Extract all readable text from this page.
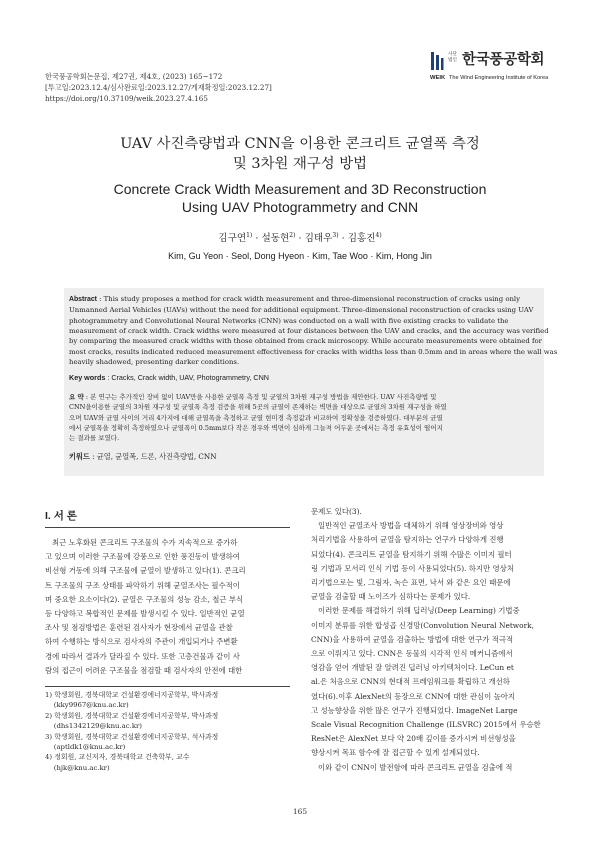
한국풍공학회논문집, 제27권, 제4호, (2023) 165~172
[투고일:2023.12.4/심사완료일:2023.12.27/게재확정일:2023.12.27]
https://doi.org/10.37109/weik.2023.27.4.165
사단 법인 한국풍공학회
WEIK The Wind Engineering Institute of Korea
UAV 사진측량법과 CNN을 이용한 콘크리트 균열폭 측정
및 3차원 재구성 방법
Concrete Crack Width Measurement and 3D Reconstruction
Using UAV Photogrammetry and CNN
김구연$^{1)}$ · 설동현$^{2)}$ · 김태우$^{3)}$ · 김홍진$^{4)}$
Kim, Gu Yeon · Seol, Dong Hyeon · Kim, Tae Woo · Kim, Hong Jin
Abstract : This study proposes a method for crack width measurement and three-dimensional reconstruction of cracks using only
Unmanned Aerial Vehicles (UAVs) without the need for additional equipment. Three-dimensional reconstruction of cracks using UAV
photogrammetry and Convolutional Neural Networks (CNN) was conducted on a wall with five existing cracks to validate the
measurement of crack width. Crack widths were measured at four distances between the UAV and cracks, and the accuracy was verified
by comparing the measured crack widths with those obtained from crack microscopy. While accurate measurements were obtained for
most cracks, results indicated reduced measurement effectiveness for cracks with widths less than 0.5mm and in areas where the wall was
heavily shadowed, presenting darker conditions.
Key words : Cracks, Crack width, UAV, Photogrammetry, CNN
요 약 : 본 연구는 추가적인 장비 없이 UAV만을 사용한 균열폭 측정 및 균열의 3차원 재구성 방법을 제안한다. UAV 사진측량법 및
CNN을이용한 균열의 3차원 재구성 및 균열폭 측정 검증을 위해 5곳의 균열이 존재하는 벽면을 대상으로 균열의 3차원 재구성을 하였
으며 UAV와 균열 사이의 거리 4가지에 대해 균열폭을 측정하고 균열 현미경 측정값과 비교하여 정확성을 검증하였다. 대부분의 균열
에서 균열폭을 정확히 측정하였으나 균열폭이 0.5mm보다 작은 경우와 벽면이 심하게 그늘져 어두운 곳에서는 측정 유효성이 떨어지
는 결과를 보였다.
키워드 : 균열, 균열폭, 드론, 사진측량법, CNN
I. 서 론
최근 노후화된 콘크리트 구조물의 수가 지속적으로 증가하
고 있으며 이러한 구조물에 강풍으로 인한 풍진동이 발생하여
비선형 거동에 의해 구조물에 균열이 발생하고 있다(1). 콘크리
트 구조물의 구조 상태를 파악하기 위해 균열조사는 필수적이
며 중요한 요소이다(2). 균열은 구조물의 성능 감소, 철근 부식
등 다양하고 복합적인 문제를 발생시킬 수 있다. 일반적인 균열
조사 및 점검방법은 훈련된 검사자가 현장에서 균열을 관찰
하여 수행하는 방식으로 검사자의 주관이 개입되거나 주변환
경에 따라서 결과가 달라질 수 있다. 또한 고층건물과 같이 사
람의 접근이 어려운 구조물을 점검할 때 검사자의 안전에 대한
1) 학생회원, 경북대학교 건설환경에너지공학부, 박사과정
(kky9967@knu.ac.kr)
2) 학생회원, 경북대학교 건설환경에너지공학부, 박사과정
(dhs1342129@knu.ac.kr)
3) 학생회원, 경북대학교 건설환경에너지공학부, 석사과정
(aptldk1@knu.ac.kr)
4) 정회원, 교신저자, 경북대학교 건축학부, 교수
(hjk@knu.ac.kr)
문제도 있다(3).
일반적인 균열조사 방법을 대체하기 위해 영상장비와 영상
처리기법을 사용하여 균열을 탐지하는 연구가 다양하게 진행
되었다(4). 콘크리트 균열을 탐지하기 위해 수많은 이미지 필터
링 기법과 모서리 인식 기법 등이 사용되었다(5). 하지만 영상처
리기법으로는 빛, 그림자, 녹슨 표면, 낙서 와 같은 요인 때문에
균열을 검출할 때 노이즈가 심하다는 문제가 있다.
이러한 문제를 해결하기 위해 딥러닝(Deep Learning) 기법중
이미지 분류를 위한 합성곱 신경망(Convolution Neural Network,
CNN)을 사용하여 균열을 검출하는 방법에 대한 연구가 적극적
으로 이뤄지고 있다. CNN은 동물의 시각적 인식 메커니즘에서
영감을 얻어 개발된 잘 알려진 딥러닝 아키텍처이다. LeCun et
al.은 처음으로 CNN의 현대적 프레임워크를 확립하고 개선하
였다(6).이후 AlexNet의 등장으로 CNN에 대한 관심이 높아지
고 성능향상을 위한 많은 연구가 진행되었다. ImageNet Large
Scale Visual Recognition Challenge (ILSVRC) 2015에서 우승한
ResNet은 AlexNet 보다 약 20배 깊이를 증가시켜 비선형성을
향상시켜 목표 함수에 잘 접근할 수 있게 설계되었다.
이와 같이 CNN이 발전함에 따라 콘크리트 균열을 검출에 적
165
